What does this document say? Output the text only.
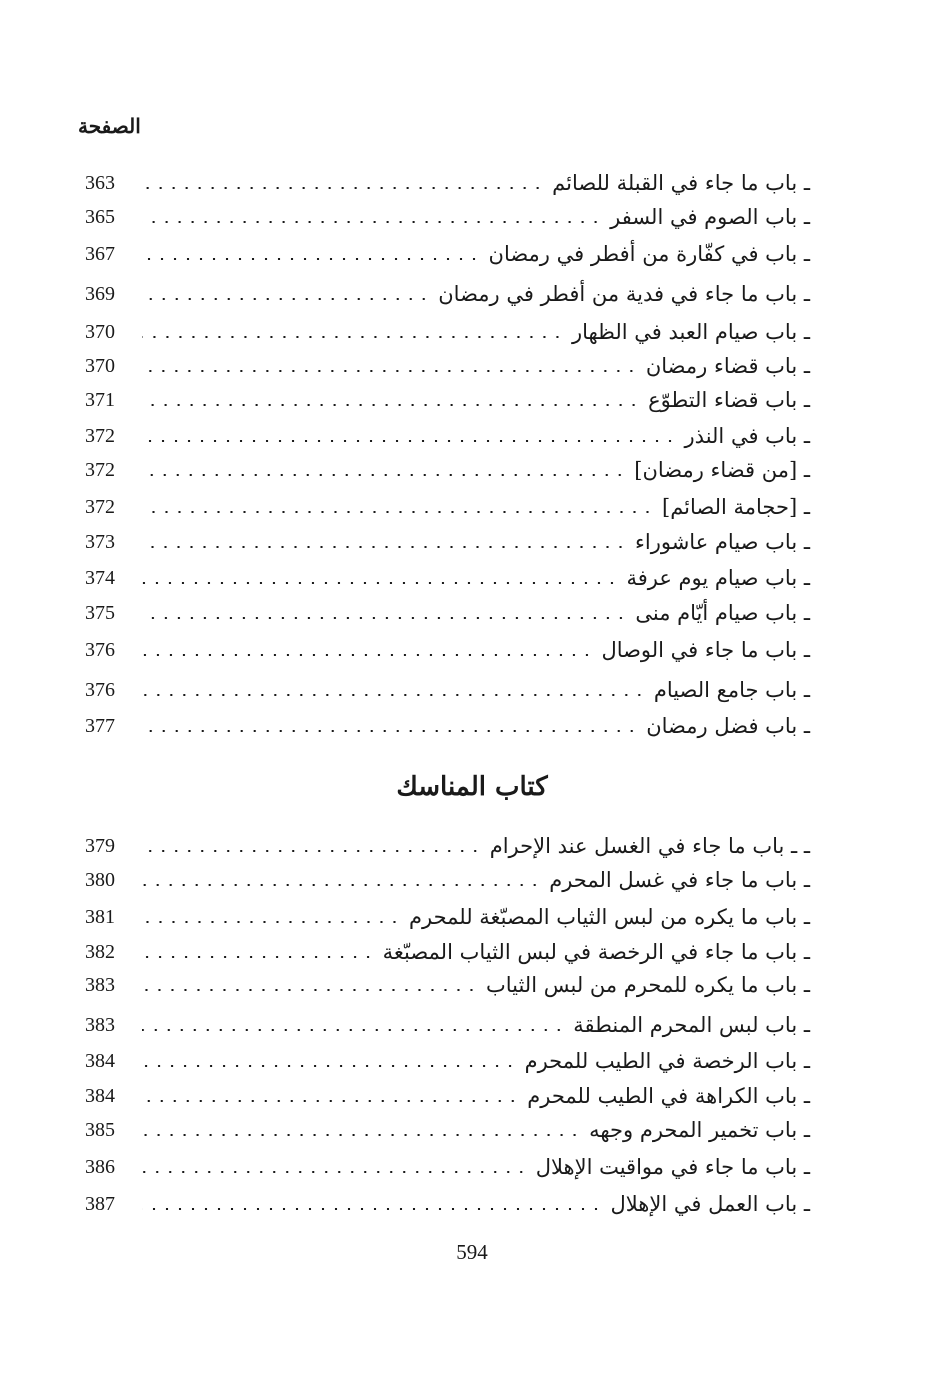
الصفحة
363	ـ باب ما جاء في القبلة للصائم
365	ـ باب الصوم في السفر
367	ـ باب في كفّارة من أفطر في رمضان
369	ـ باب ما جاء في فدية من أفطر في رمضان
370	ـ باب صيام العبد في الظهار
370	ـ باب قضاء رمضان
371	ـ باب قضاء التطوّع
372	ـ باب في النذر
372	ـ [من قضاء رمضان]
372	ـ [حجامة الصائم]
373	ـ باب صيام عاشوراء
374	ـ باب صيام يوم عرفة
375	ـ باب صيام أيّام منى
376	ـ باب ما جاء في الوصال
376	ـ باب جامع الصيام
377	ـ باب فضل رمضان
كتاب المناسك
379	ـ ـ باب ما جاء في الغسل عند الإحرام
380	ـ باب ما جاء في غسل المحرم
381	ـ باب ما يكره من لبس الثياب المصبّغة للمحرم
382	ـ باب ما جاء في الرخصة في لبس الثياب المصبّغة
383	ـ باب ما يكره للمحرم من لبس الثياب
383	ـ باب لبس المحرم المنطقة
384	ـ باب الرخصة في الطيب للمحرم
384	ـ باب الكراهة في الطيب للمحرم
385	ـ باب تخمير المحرم وجهه
386	ـ باب ما جاء في مواقيت الإهلال
387	ـ باب العمل في الإهلال
594
